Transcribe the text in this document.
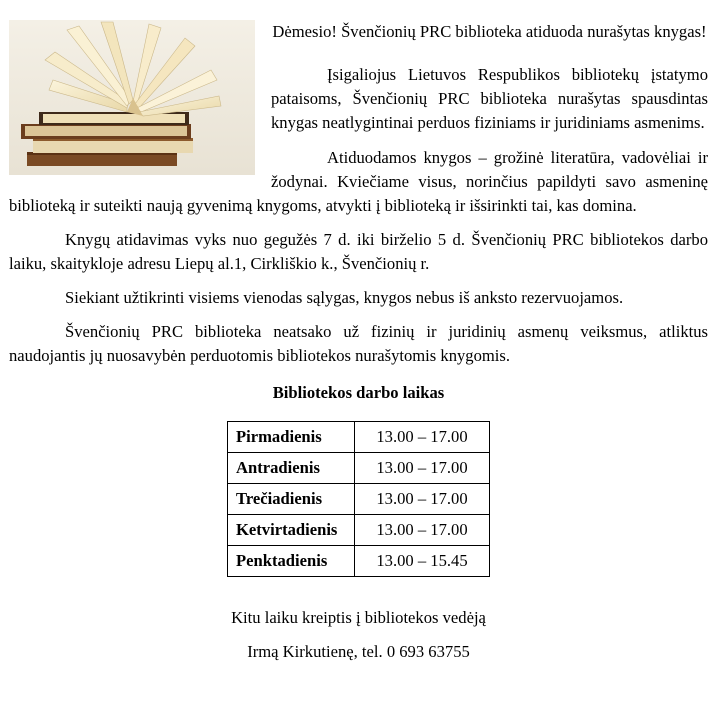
Dėmesio! Švenčionių PRC biblioteka atiduoda nurašytas knygas!

Įsigaliojus Lietuvos Respublikos bibliotekų įstatymo pataisoms, Švenčionių PRC biblioteka nurašytas spausdintas knygas neatlygintinai perduos fiziniams ir juridiniams asmenims.

Atiduodamos knygos – grožinė literatūra, vadovėliai ir žodynai. Kviečiame visus, norinčius papildyti savo asmeninę biblioteką ir suteikti naują gyvenimą knygoms, atvykti į biblioteką ir išsirinkti tai, kas domina.

Knygų atidavimas vyks nuo gegužės 7 d. iki birželio 5 d. Švenčionių PRC bibliotekos darbo laiku, skaitykloje adresu Liepų al.1, Cirkliškio k., Švenčionių r.

Siekiant užtikrinti visiems vienodas sąlygas, knygos nebus iš anksto rezervuojamos.

Švenčionių PRC biblioteka neatsako už fizinių ir juridinių asmenų veiksmus, atliktus naudojantis jų nuosavybėn perduotomis bibliotekos nurašytomis knygomis.

Bibliotekos darbo laikas
Pirmadienis	13.00 – 17.00
Antradienis	13.00 – 17.00
Trečiadienis	13.00 – 17.00
Ketvirtadienis	13.00 – 17.00
Penktadienis	13.00 – 15.45
Kitu laiku kreiptis į bibliotekos vedėją
Irmą Kirkutienę, tel. 0 693 63755
